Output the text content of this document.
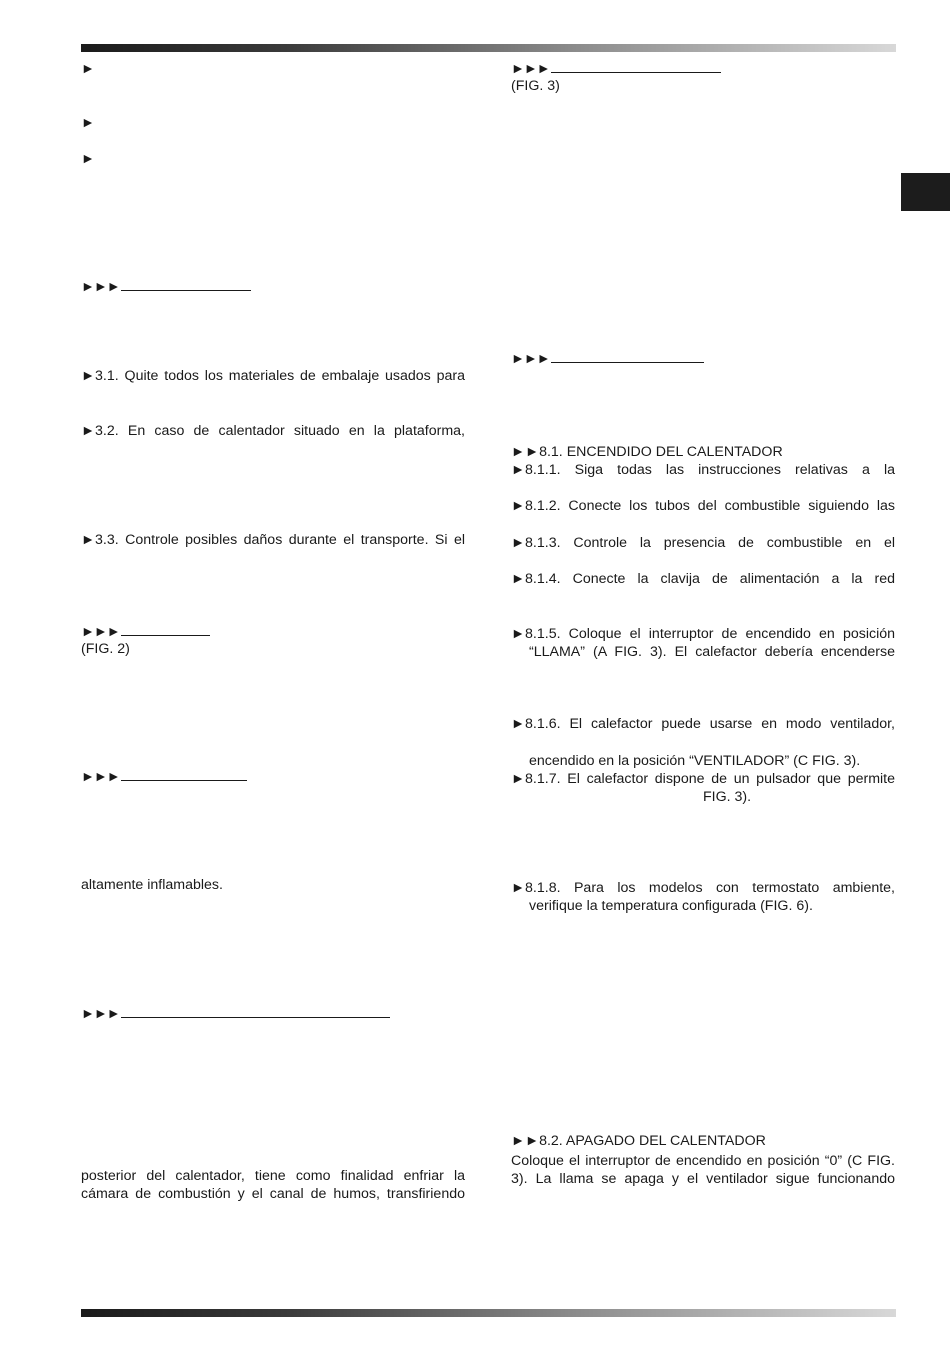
►
►
►
►►►
►3.1. Quite todos los materiales de embalaje usados para
►3.2. En caso de calentador situado en la plataforma,
►3.3. Controle posibles daños durante el transporte. Si el
►►►
(FIG. 2)
►►►
altamente inflamables.
►►►
posterior del calentador, tiene como finalidad enfriar la
cámara de combustión y el canal de humos, transfiriendo
►►►
(FIG. 3)
►►►
►►8.1. ENCENDIDO DEL CALENTADOR
►8.1.1. Siga todas las instrucciones relativas a la
►8.1.2. Conecte los tubos del combustible siguiendo las
►8.1.3. Controle la presencia de combustible en el
►8.1.4. Conecte la clavija de alimentación a la red
►8.1.5. Coloque el interruptor de encendido en posición
“LLAMA” (A FIG. 3). El calefactor debería encenderse
►8.1.6. El calefactor puede usarse en modo ventilador,
encendido en la posición “VENTILADOR” (C FIG. 3).
►8.1.7. El calefactor dispone de un pulsador que permite
FIG. 3).
►8.1.8. Para los modelos con termostato ambiente,
verifique la temperatura configurada (FIG. 6).
►►8.2. APAGADO DEL CALENTADOR
Coloque el interruptor de encendido en posición “0” (C FIG.
3). La llama se apaga y el ventilador sigue funcionando
